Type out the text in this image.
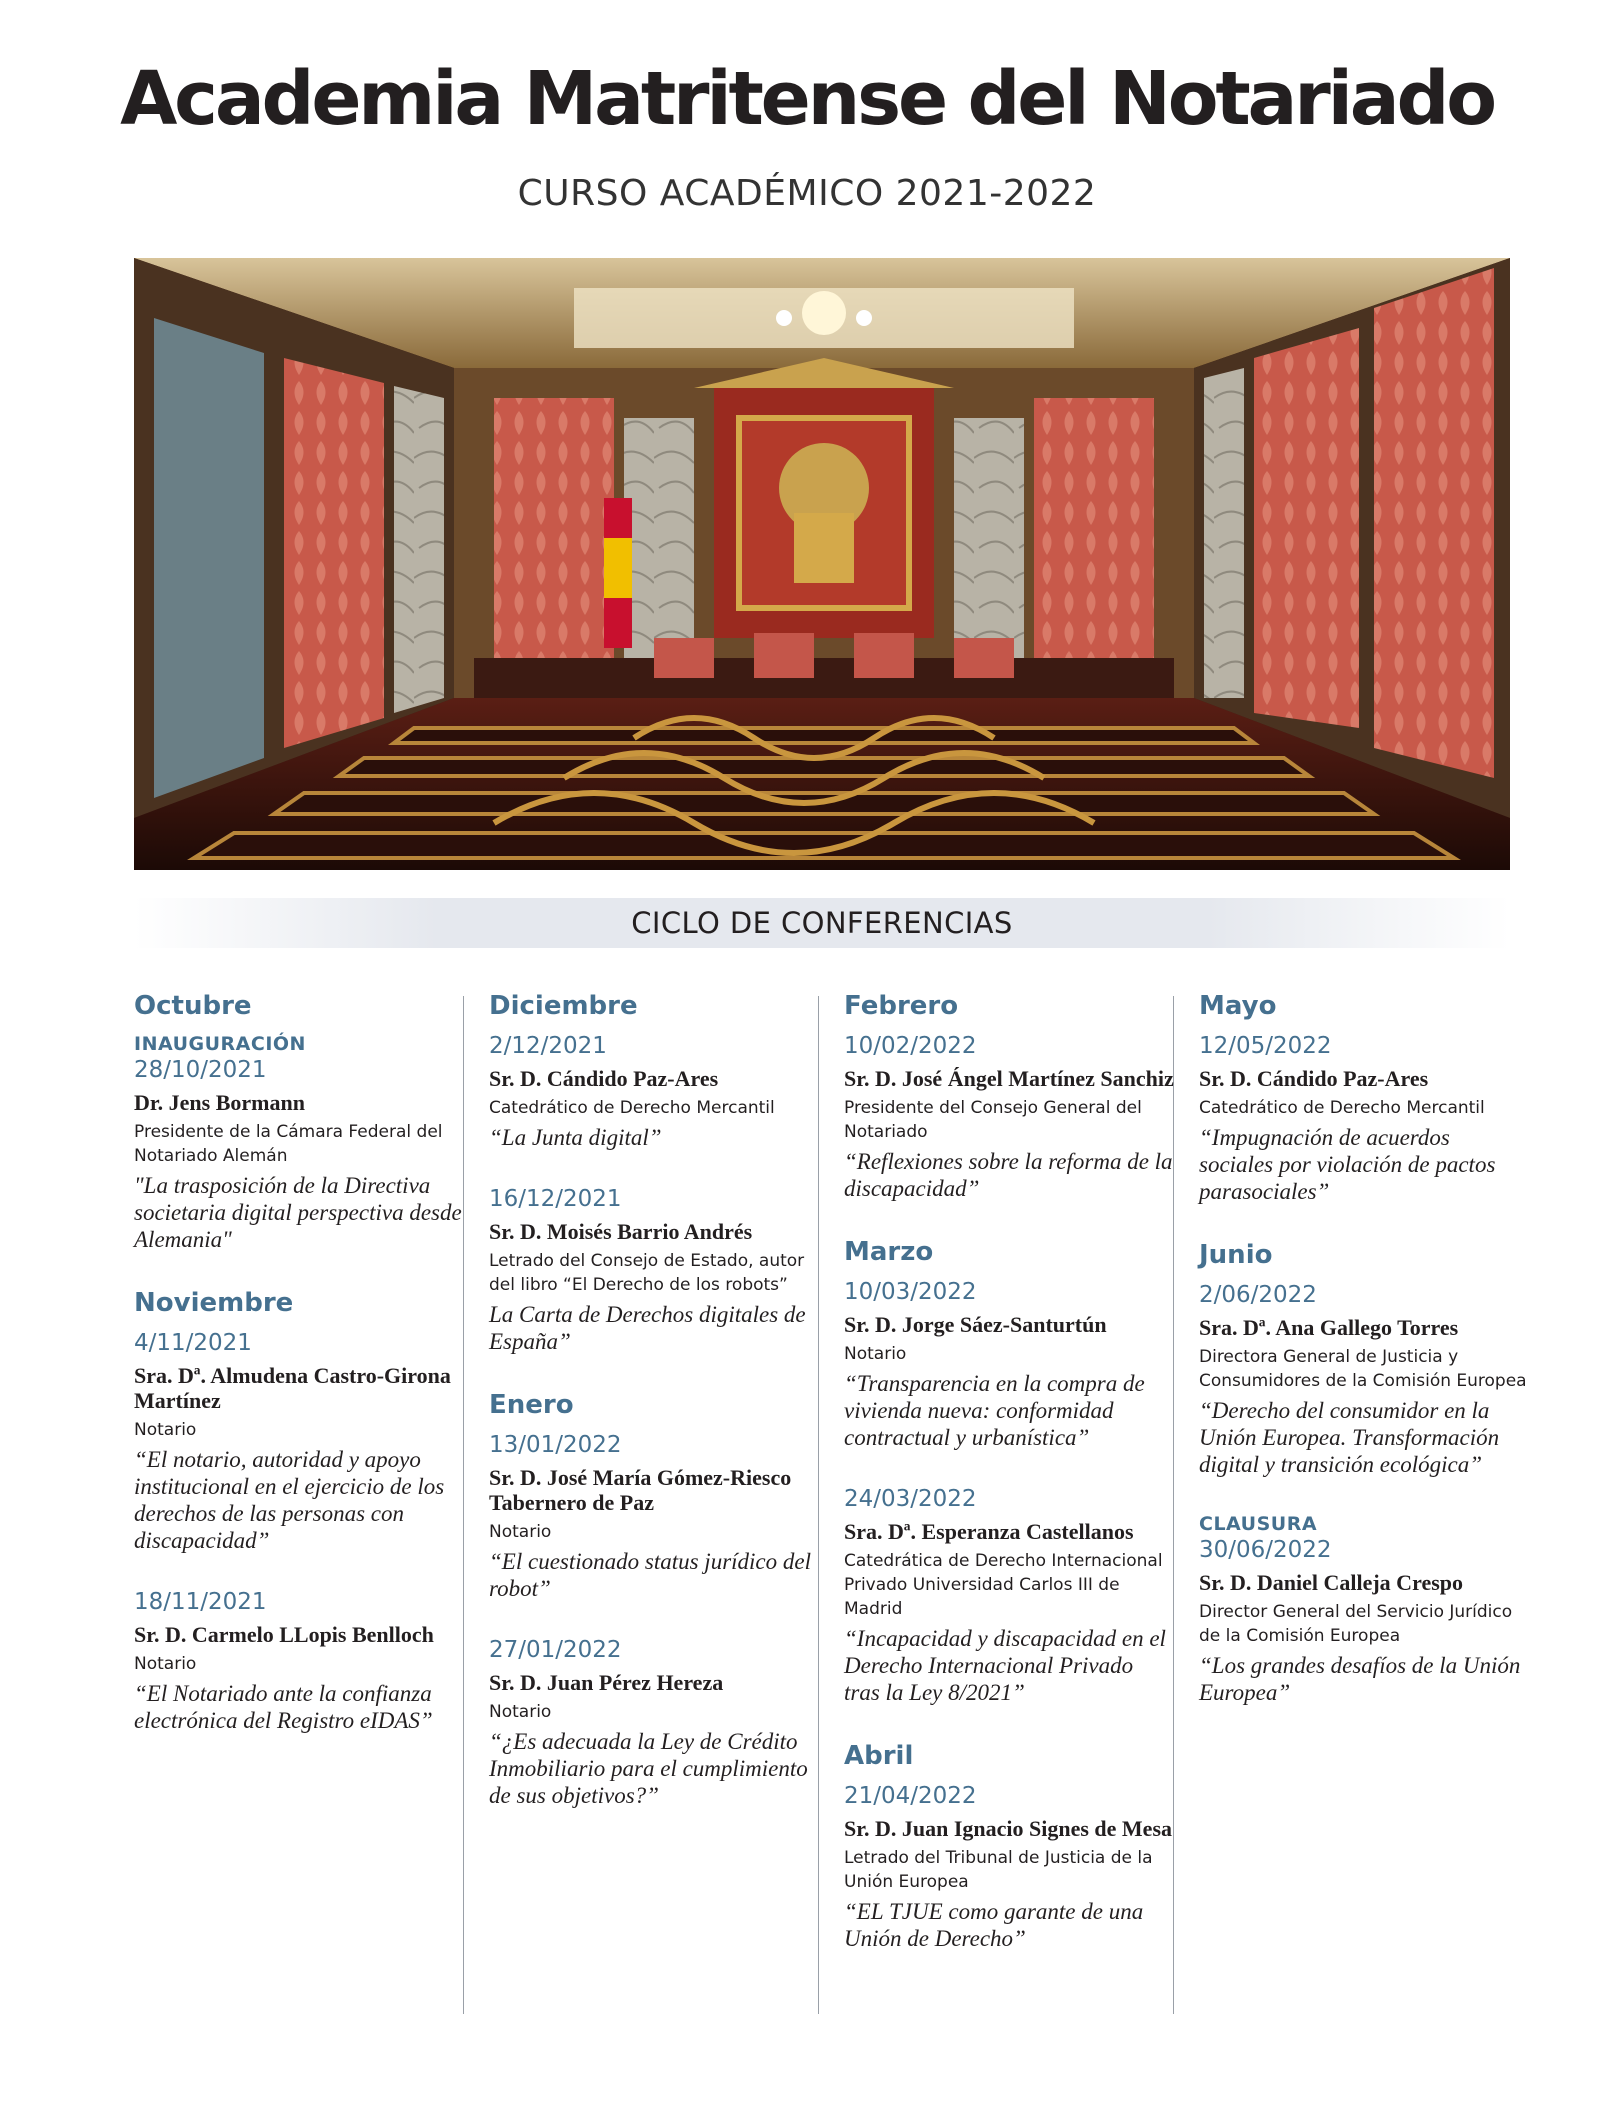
Academia Matritense del Notariado
CURSO ACADÉMICO 2021-2022
CICLO DE CONFERENCIAS
Octubre
INAUGURACIÓN
28/10/2021
Dr. Jens Bormann
Presidente de la Cámara Federal del Notariado Alemán
"La trasposición de la Directiva societaria digital perspectiva desde Alemania"
Noviembre
4/11/2021
Sra. Dª. Almudena Castro-Girona Martínez
Notario
“El notario, autoridad y apoyo institucional en el ejercicio de los derechos de las personas con discapacidad”
18/11/2021
Sr. D. Carmelo LLopis Benlloch
Notario
“El Notariado ante la confianza electrónica del Registro eIDAS”
Diciembre
2/12/2021
Sr. D. Cándido Paz-Ares
Catedrático de Derecho Mercantil
“La Junta digital”
16/12/2021
Sr. D. Moisés Barrio Andrés
Letrado del Consejo de Estado, autor del libro “El Derecho de los robots”
La Carta de Derechos digitales de España”
Enero
13/01/2022
Sr. D. José María Gómez-Riesco Tabernero de Paz
Notario
“El cuestionado status jurídico del robot”
27/01/2022
Sr. D. Juan Pérez Hereza
Notario
“¿Es adecuada la Ley de Crédito Inmobiliario para el cumplimiento de sus objetivos?”
Febrero
10/02/2022
Sr. D. José Ángel Martínez Sanchiz
Presidente del Consejo General del Notariado
“Reflexiones sobre la reforma de la discapacidad”
Marzo
10/03/2022
Sr. D. Jorge Sáez-Santurtún
Notario
“Transparencia en la compra de vivienda nueva: conformidad contractual y urbanística”
24/03/2022
Sra. Dª. Esperanza Castellanos
Catedrática de Derecho Internacional Privado Universidad Carlos III de Madrid
“Incapacidad y discapacidad en el Derecho Internacional Privado tras la Ley 8/2021”
Abril
21/04/2022
Sr. D. Juan Ignacio Signes de Mesa
Letrado del Tribunal de Justicia de la Unión Europea
“EL TJUE como garante de una Unión de Derecho”
Mayo
12/05/2022
Sr. D. Cándido Paz-Ares
Catedrático de Derecho Mercantil
“Impugnación de acuerdos sociales por violación de pactos parasociales”
Junio
2/06/2022
Sra. Dª. Ana Gallego Torres
Directora General de Justicia y Consumidores de la Comisión Europea
“Derecho del consumidor en la Unión Europea. Transformación digital y transición ecológica”
CLAUSURA
30/06/2022
Sr. D. Daniel Calleja Crespo
Director General del Servicio Jurídico de la Comisión Europea
“Los grandes desafíos de la Unión Europea”
